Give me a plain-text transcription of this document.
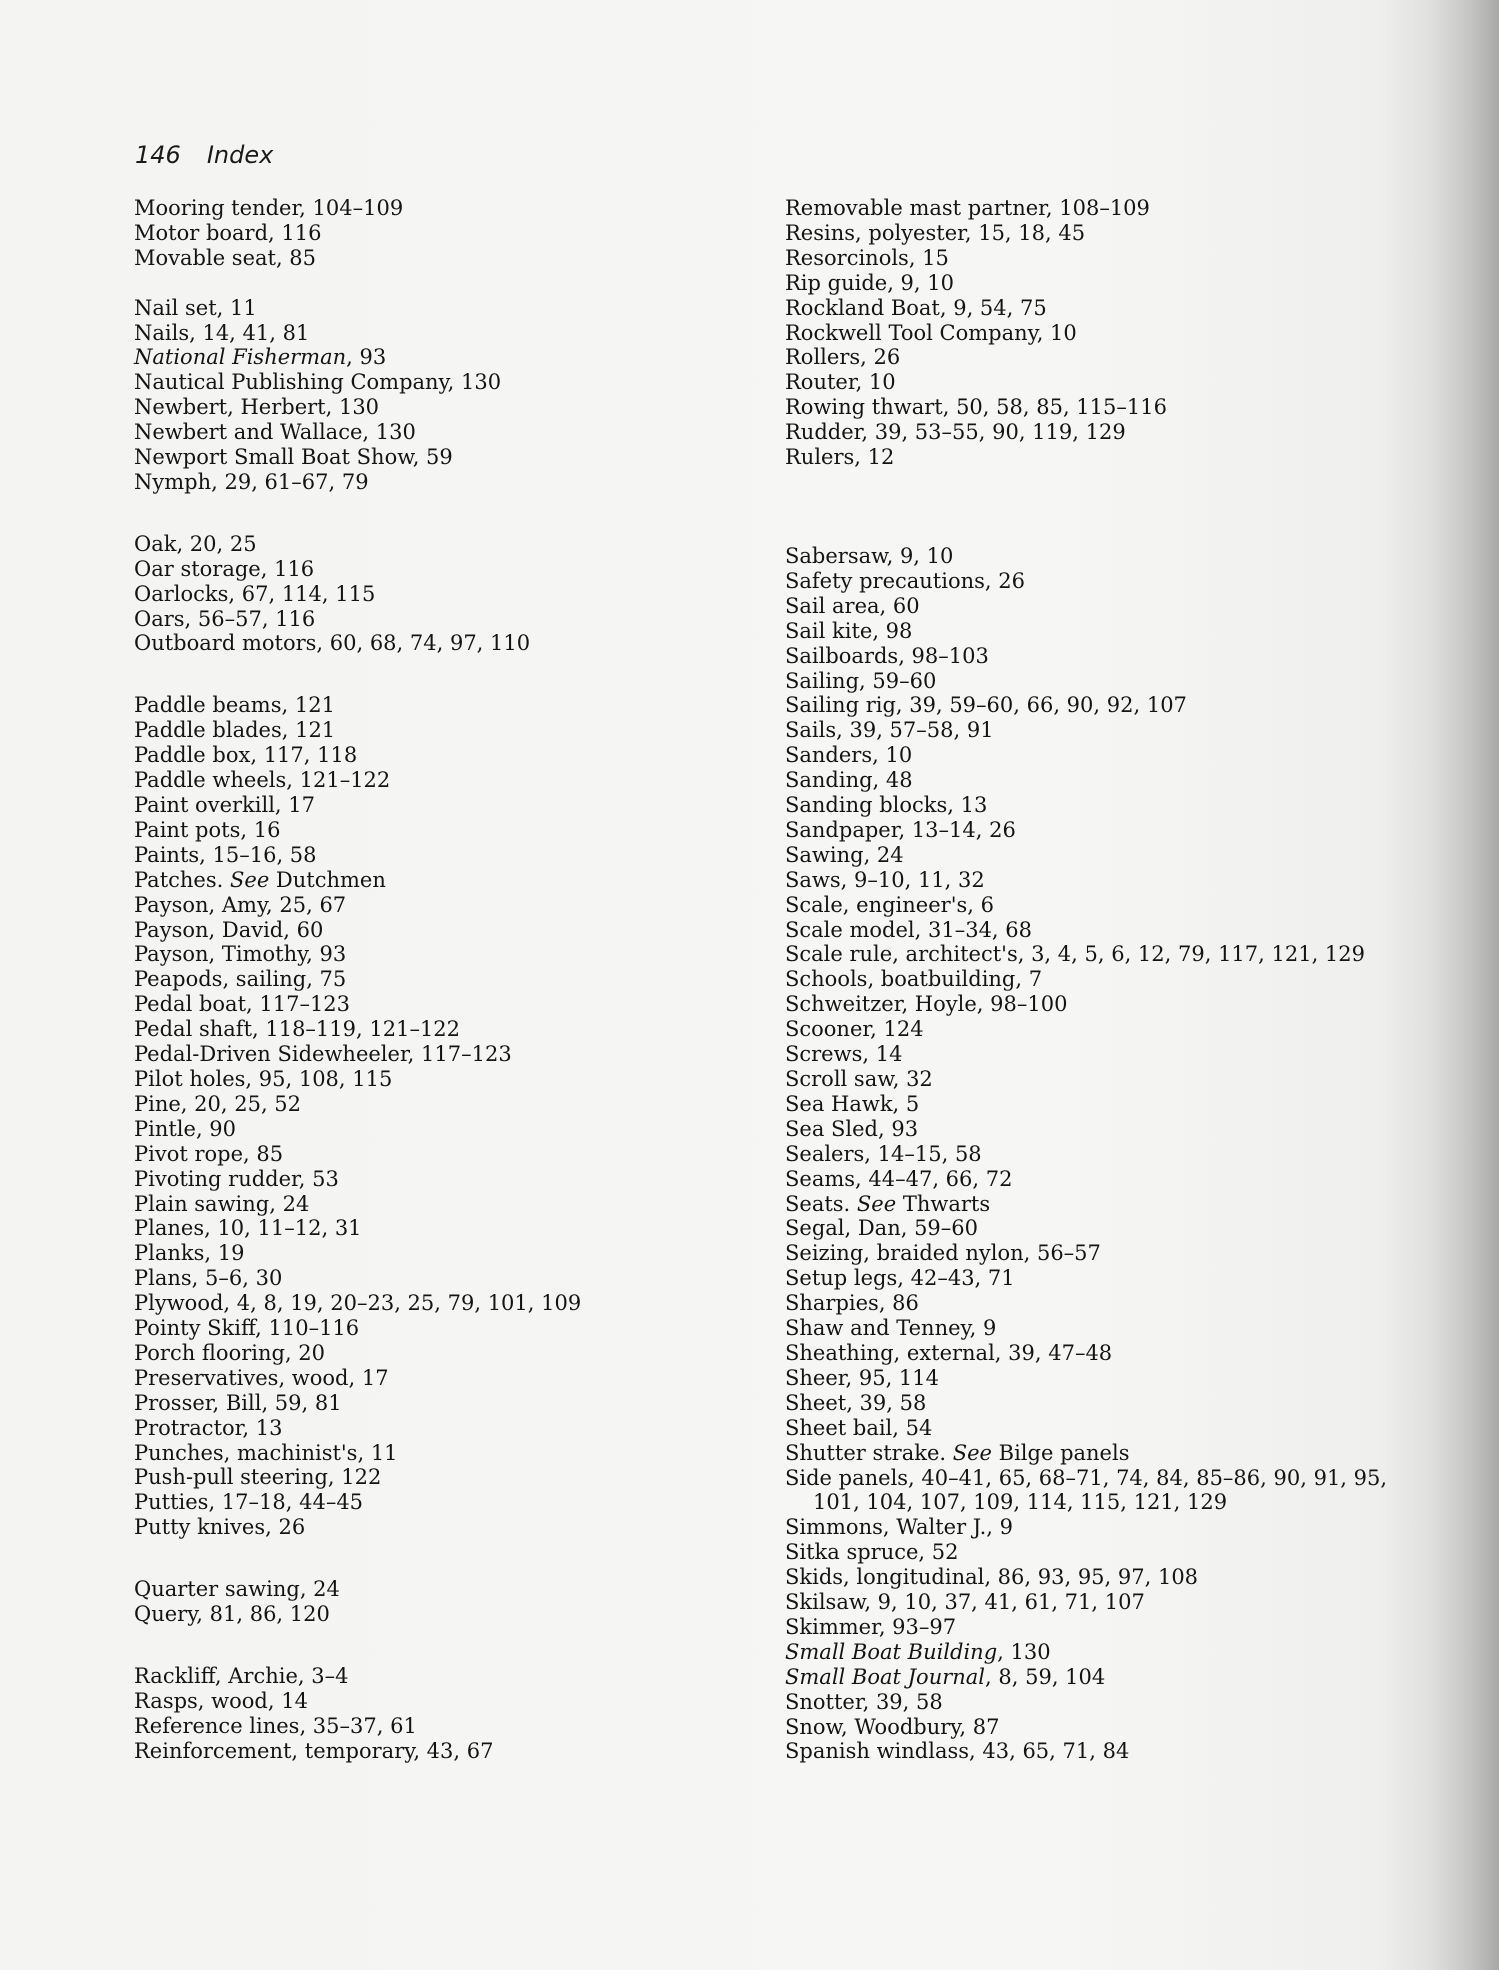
146 Index
Mooring tender, 104–109
Motor board, 116
Movable seat, 85
Nail set, 11
Nails, 14, 41, 81
National Fisherman, 93
Nautical Publishing Company, 130
Newbert, Herbert, 130
Newbert and Wallace, 130
Newport Small Boat Show, 59
Nymph, 29, 61–67, 79
Oak, 20, 25
Oar storage, 116
Oarlocks, 67, 114, 115
Oars, 56–57, 116
Outboard motors, 60, 68, 74, 97, 110
Paddle beams, 121
Paddle blades, 121
Paddle box, 117, 118
Paddle wheels, 121–122
Paint overkill, 17
Paint pots, 16
Paints, 15–16, 58
Patches. See Dutchmen
Payson, Amy, 25, 67
Payson, David, 60
Payson, Timothy, 93
Peapods, sailing, 75
Pedal boat, 117–123
Pedal shaft, 118–119, 121–122
Pedal-Driven Sidewheeler, 117–123
Pilot holes, 95, 108, 115
Pine, 20, 25, 52
Pintle, 90
Pivot rope, 85
Pivoting rudder, 53
Plain sawing, 24
Planes, 10, 11–12, 31
Planks, 19
Plans, 5–6, 30
Plywood, 4, 8, 19, 20–23, 25, 79, 101, 109
Pointy Skiff, 110–116
Porch flooring, 20
Preservatives, wood, 17
Prosser, Bill, 59, 81
Protractor, 13
Punches, machinist's, 11
Push-pull steering, 122
Putties, 17–18, 44–45
Putty knives, 26
Quarter sawing, 24
Query, 81, 86, 120
Rackliff, Archie, 3–4
Rasps, wood, 14
Reference lines, 35–37, 61
Reinforcement, temporary, 43, 67
Removable mast partner, 108–109
Resins, polyester, 15, 18, 45
Resorcinols, 15
Rip guide, 9, 10
Rockland Boat, 9, 54, 75
Rockwell Tool Company, 10
Rollers, 26
Router, 10
Rowing thwart, 50, 58, 85, 115–116
Rudder, 39, 53–55, 90, 119, 129
Rulers, 12
Sabersaw, 9, 10
Safety precautions, 26
Sail area, 60
Sail kite, 98
Sailboards, 98–103
Sailing, 59–60
Sailing rig, 39, 59–60, 66, 90, 92, 107
Sails, 39, 57–58, 91
Sanders, 10
Sanding, 48
Sanding blocks, 13
Sandpaper, 13–14, 26
Sawing, 24
Saws, 9–10, 11, 32
Scale, engineer's, 6
Scale model, 31–34, 68
Scale rule, architect's, 3, 4, 5, 6, 12, 79, 117, 121, 129
Schools, boatbuilding, 7
Schweitzer, Hoyle, 98–100
Scooner, 124
Screws, 14
Scroll saw, 32
Sea Hawk, 5
Sea Sled, 93
Sealers, 14–15, 58
Seams, 44–47, 66, 72
Seats. See Thwarts
Segal, Dan, 59–60
Seizing, braided nylon, 56–57
Setup legs, 42–43, 71
Sharpies, 86
Shaw and Tenney, 9
Sheathing, external, 39, 47–48
Sheer, 95, 114
Sheet, 39, 58
Sheet bail, 54
Shutter strake. See Bilge panels
Side panels, 40–41, 65, 68–71, 74, 84, 85–86, 90, 91, 95, 101, 104, 107, 109, 114, 115, 121, 129
Simmons, Walter J., 9
Sitka spruce, 52
Skids, longitudinal, 86, 93, 95, 97, 108
Skilsaw, 9, 10, 37, 41, 61, 71, 107
Skimmer, 93–97
Small Boat Building, 130
Small Boat Journal, 8, 59, 104
Snotter, 39, 58
Snow, Woodbury, 87
Spanish windlass, 43, 65, 71, 84
